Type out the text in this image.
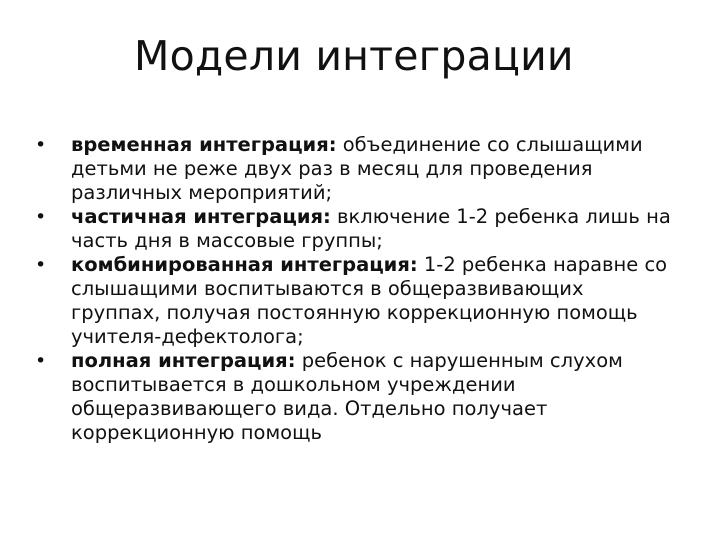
Модели интеграции
•	временная интеграция: объединение со слышащими детьми не реже двух раз в месяц для проведения различных мероприятий;
•	частичная интеграция: включение 1-2 ребенка лишь на часть дня в массовые группы;
•	комбинированная интеграция: 1-2 ребенка наравне со слышащими воспитываются в общеразвивающих группах, получая постоянную коррекционную помощь учителя-дефектолога;
•	полная интеграция: ребенок с нарушенным слухом воспитывается в дошкольном учреждении общеразвивающего вида. Отдельно получает коррекционную помощь
